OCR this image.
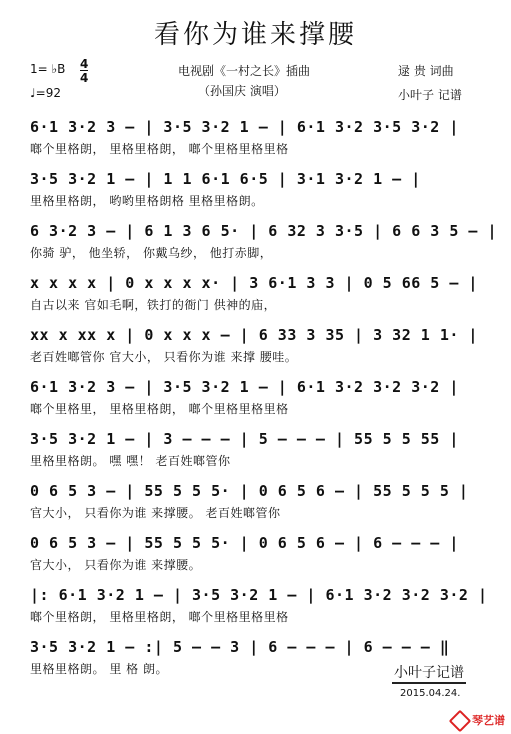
看你为谁来撑腰
1= ♭B 4
4
♩=92
电视剧《一村之长》插曲
（孙国庆 演唱）
逯 贵 词曲
小叶子 记谱
6·1 3·2 3 – | 3·5 3·2 1 – | 6·1 3·2 3·5 3·2 |
啷个里格朗， 里格里格朗， 啷个里格里格里格
3·5 3·2 1 – | 1 1 6·1 6·5 | 3·1 3·2 1 – |
里格里格朗， 哟哟里格朗格 里格里格朗。
6 3·2 3 – | 6 1 3 6 5· | 6 32 3 3·5 | 6 6 3 5 – |
你骑 驴， 他坐轿， 你戴乌纱， 他打赤脚，
x x x x | 0 x x x x· | 3 6·1 3 3 | 0 5 66 5 – |
自古以来 官如毛啊，铁打的衙门 供神的庙，
xx x xx x | 0 x x x – | 6 33 3 35 | 3 32 1 1· |
老百姓啷管你 官大小， 只看你为谁 来撑 腰哇。
6·1 3·2 3 – | 3·5 3·2 1 – | 6·1 3·2 3·2 3·2 |
啷个里格里， 里格里格朗， 啷个里格里格里格
3·5 3·2 1 – | 3 – – – | 5 – – – | 55 5 5 55 |
里格里格朗。 嘿 嘿！ 老百姓啷管你
0 6 5 3 – | 55 5 5 5· | 0 6 5 6 – | 55 5 5 5 |
官大小， 只看你为谁 来撑腰。 老百姓啷管你
0 6 5 3 – | 55 5 5 5· | 0 6 5 6 – | 6 – – – |
官大小， 只看你为谁 来撑腰。
|: 6·1 3·2 1 – | 3·5 3·2 1 – | 6·1 3·2 3·2 3·2 |
啷个里格朗， 里格里格朗， 啷个里格里格里格
3·5 3·2 1 – :| 5 – – 3 | 6 – – – | 6 – – – ‖
里格里格朗。 里 格 朗。	小叶子记谱
2015.04.24.
琴艺谱
